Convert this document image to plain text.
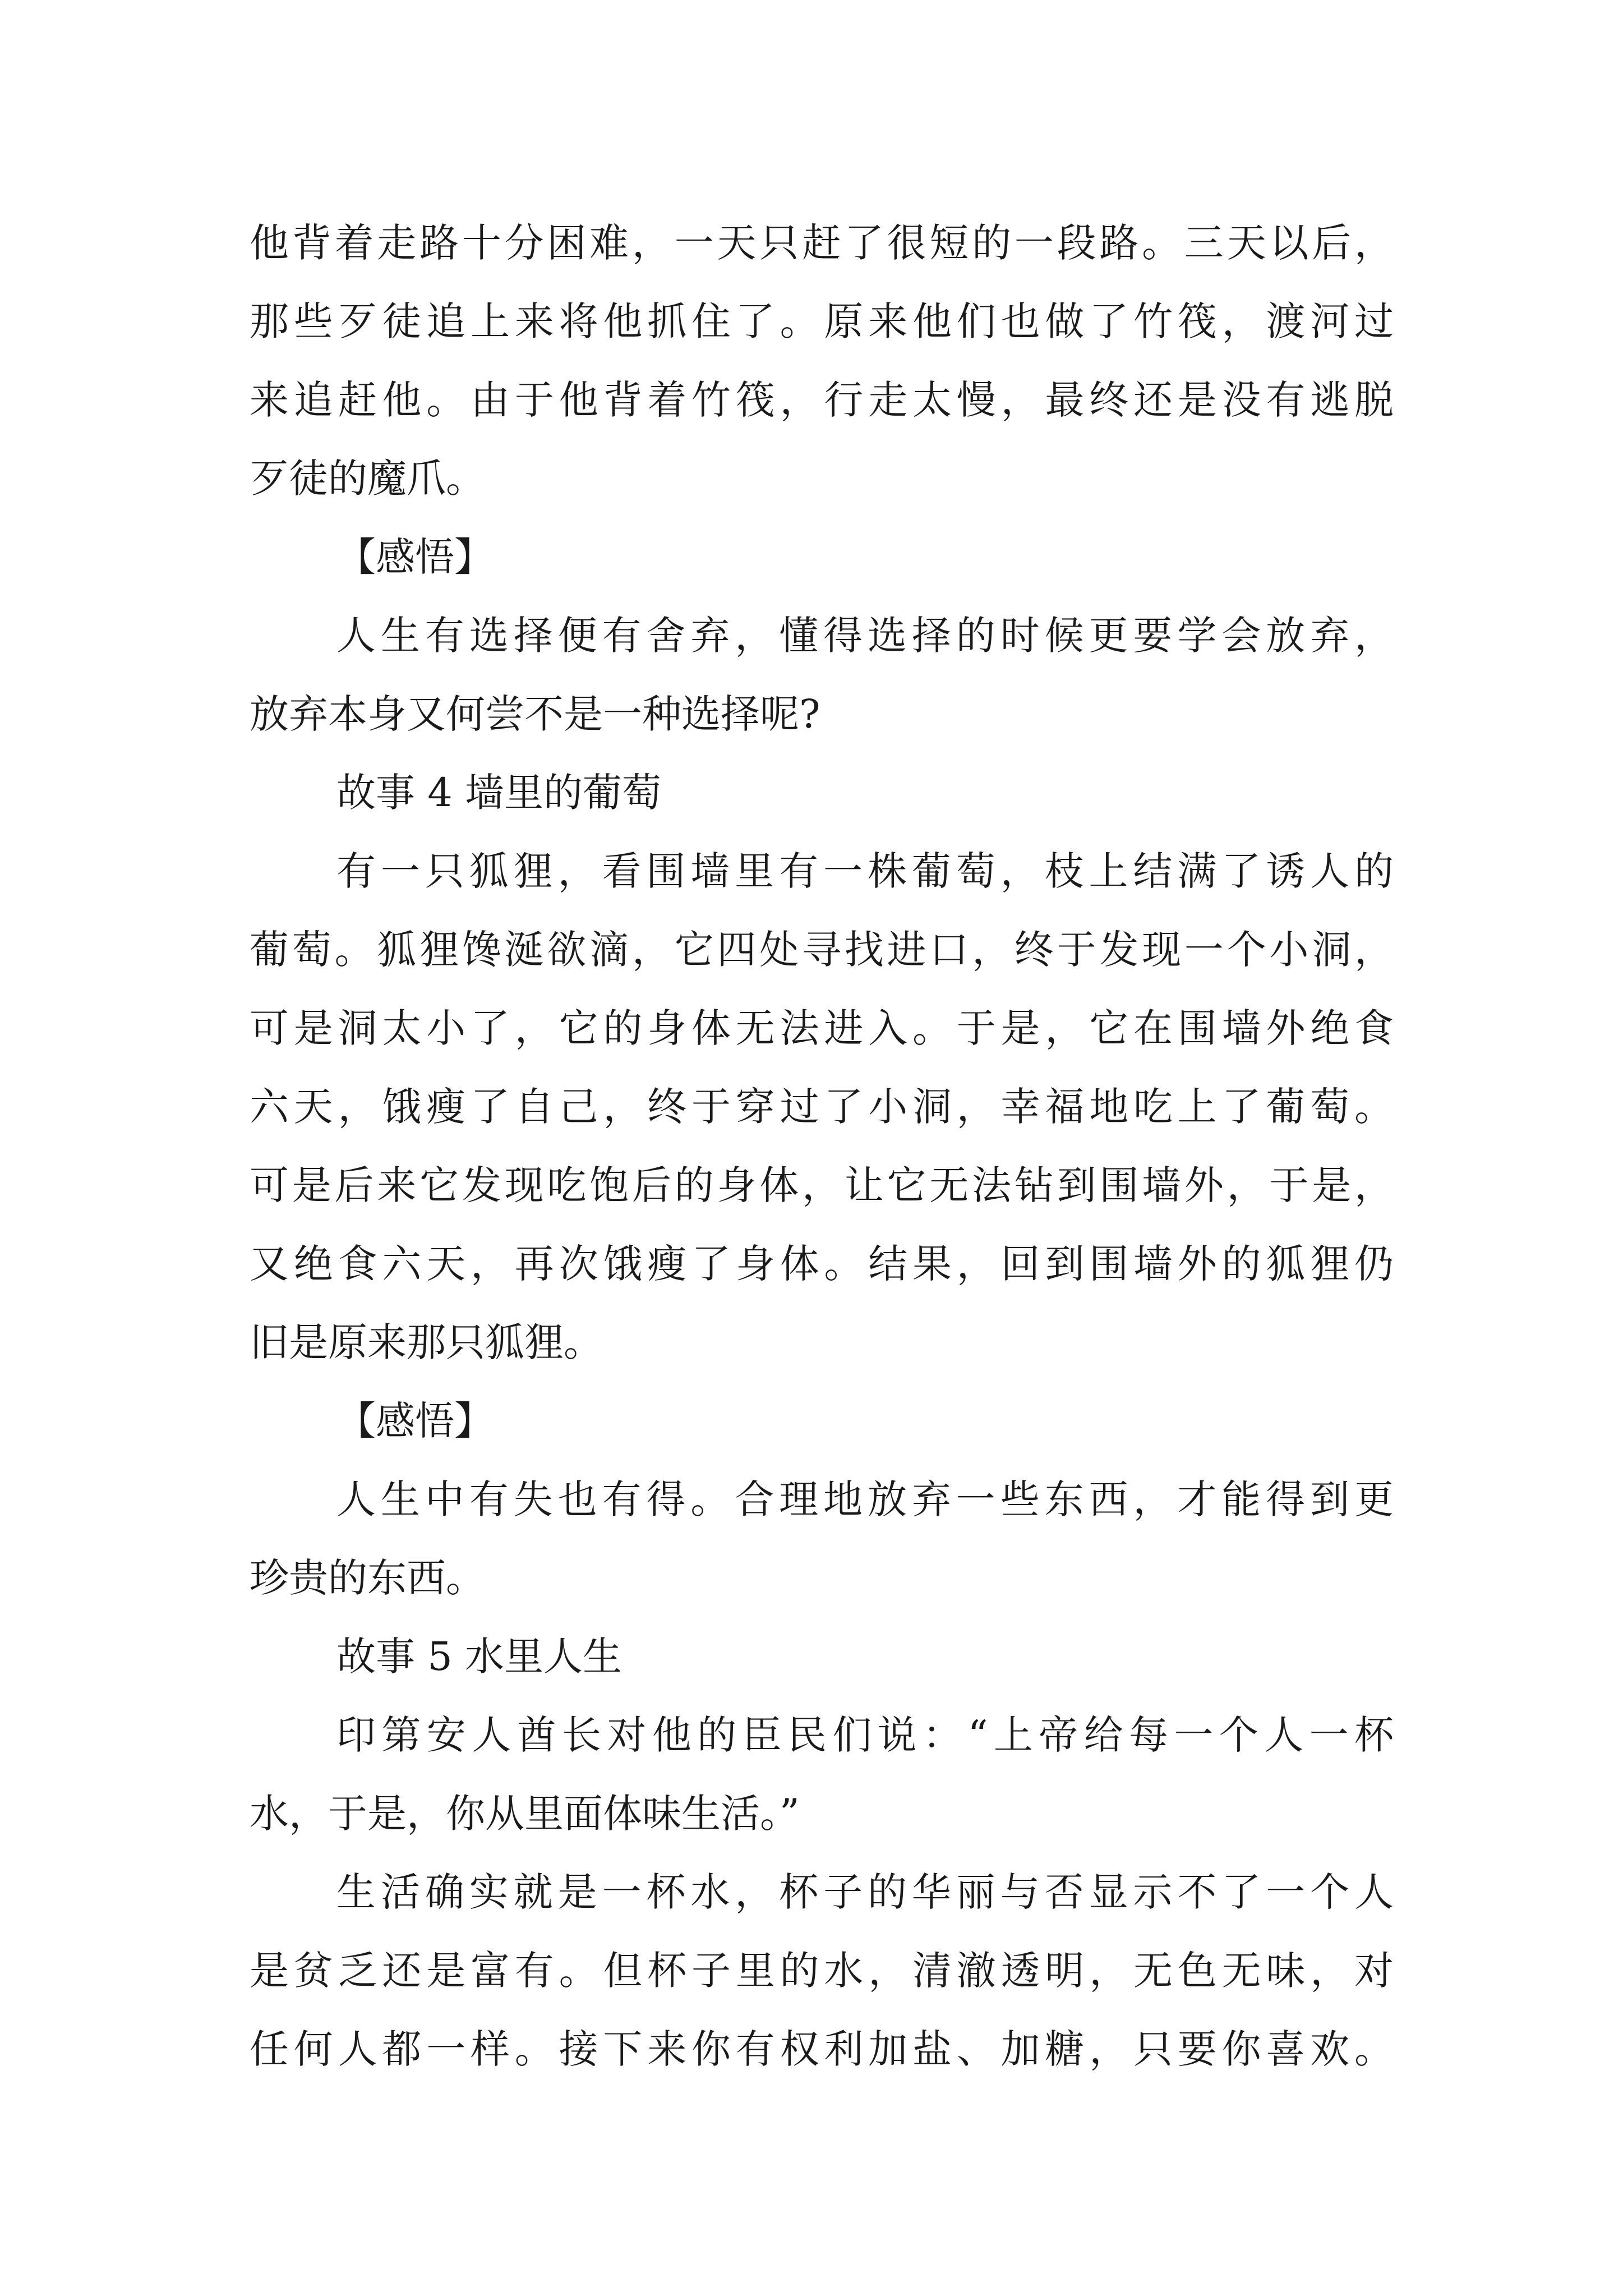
他背着走路十分困难，一天只赶了很短的一段路。三天以后，
那些歹徒追上来将他抓住了。原来他们也做了竹筏，渡河过
来追赶他。由于他背着竹筏，行走太慢，最终还是没有逃脱
歹徒的魔爪。
【感悟】
人生有选择便有舍弃，懂得选择的时候更要学会放弃，
放弃本身又何尝不是一种选择呢?
故事 4 墙里的葡萄
有一只狐狸，看围墙里有一株葡萄，枝上结满了诱人的
葡萄。狐狸馋涎欲滴，它四处寻找进口，终于发现一个小洞，
可是洞太小了，它的身体无法进入。于是，它在围墙外绝食
六天，饿瘦了自己，终于穿过了小洞，幸福地吃上了葡萄。
可是后来它发现吃饱后的身体，让它无法钻到围墙外，于是，
又绝食六天，再次饿瘦了身体。结果，回到围墙外的狐狸仍
旧是原来那只狐狸。
【感悟】
人生中有失也有得。合理地放弃一些东西，才能得到更
珍贵的东西。
故事 5 水里人生
印第安人酋长对他的臣民们说：“上帝给每一个人一杯
水，于是，你从里面体味生活。”
生活确实就是一杯水，杯子的华丽与否显示不了一个人
是贫乏还是富有。但杯子里的水，清澈透明，无色无味，对
任何人都一样。接下来你有权利加盐、加糖，只要你喜欢。
